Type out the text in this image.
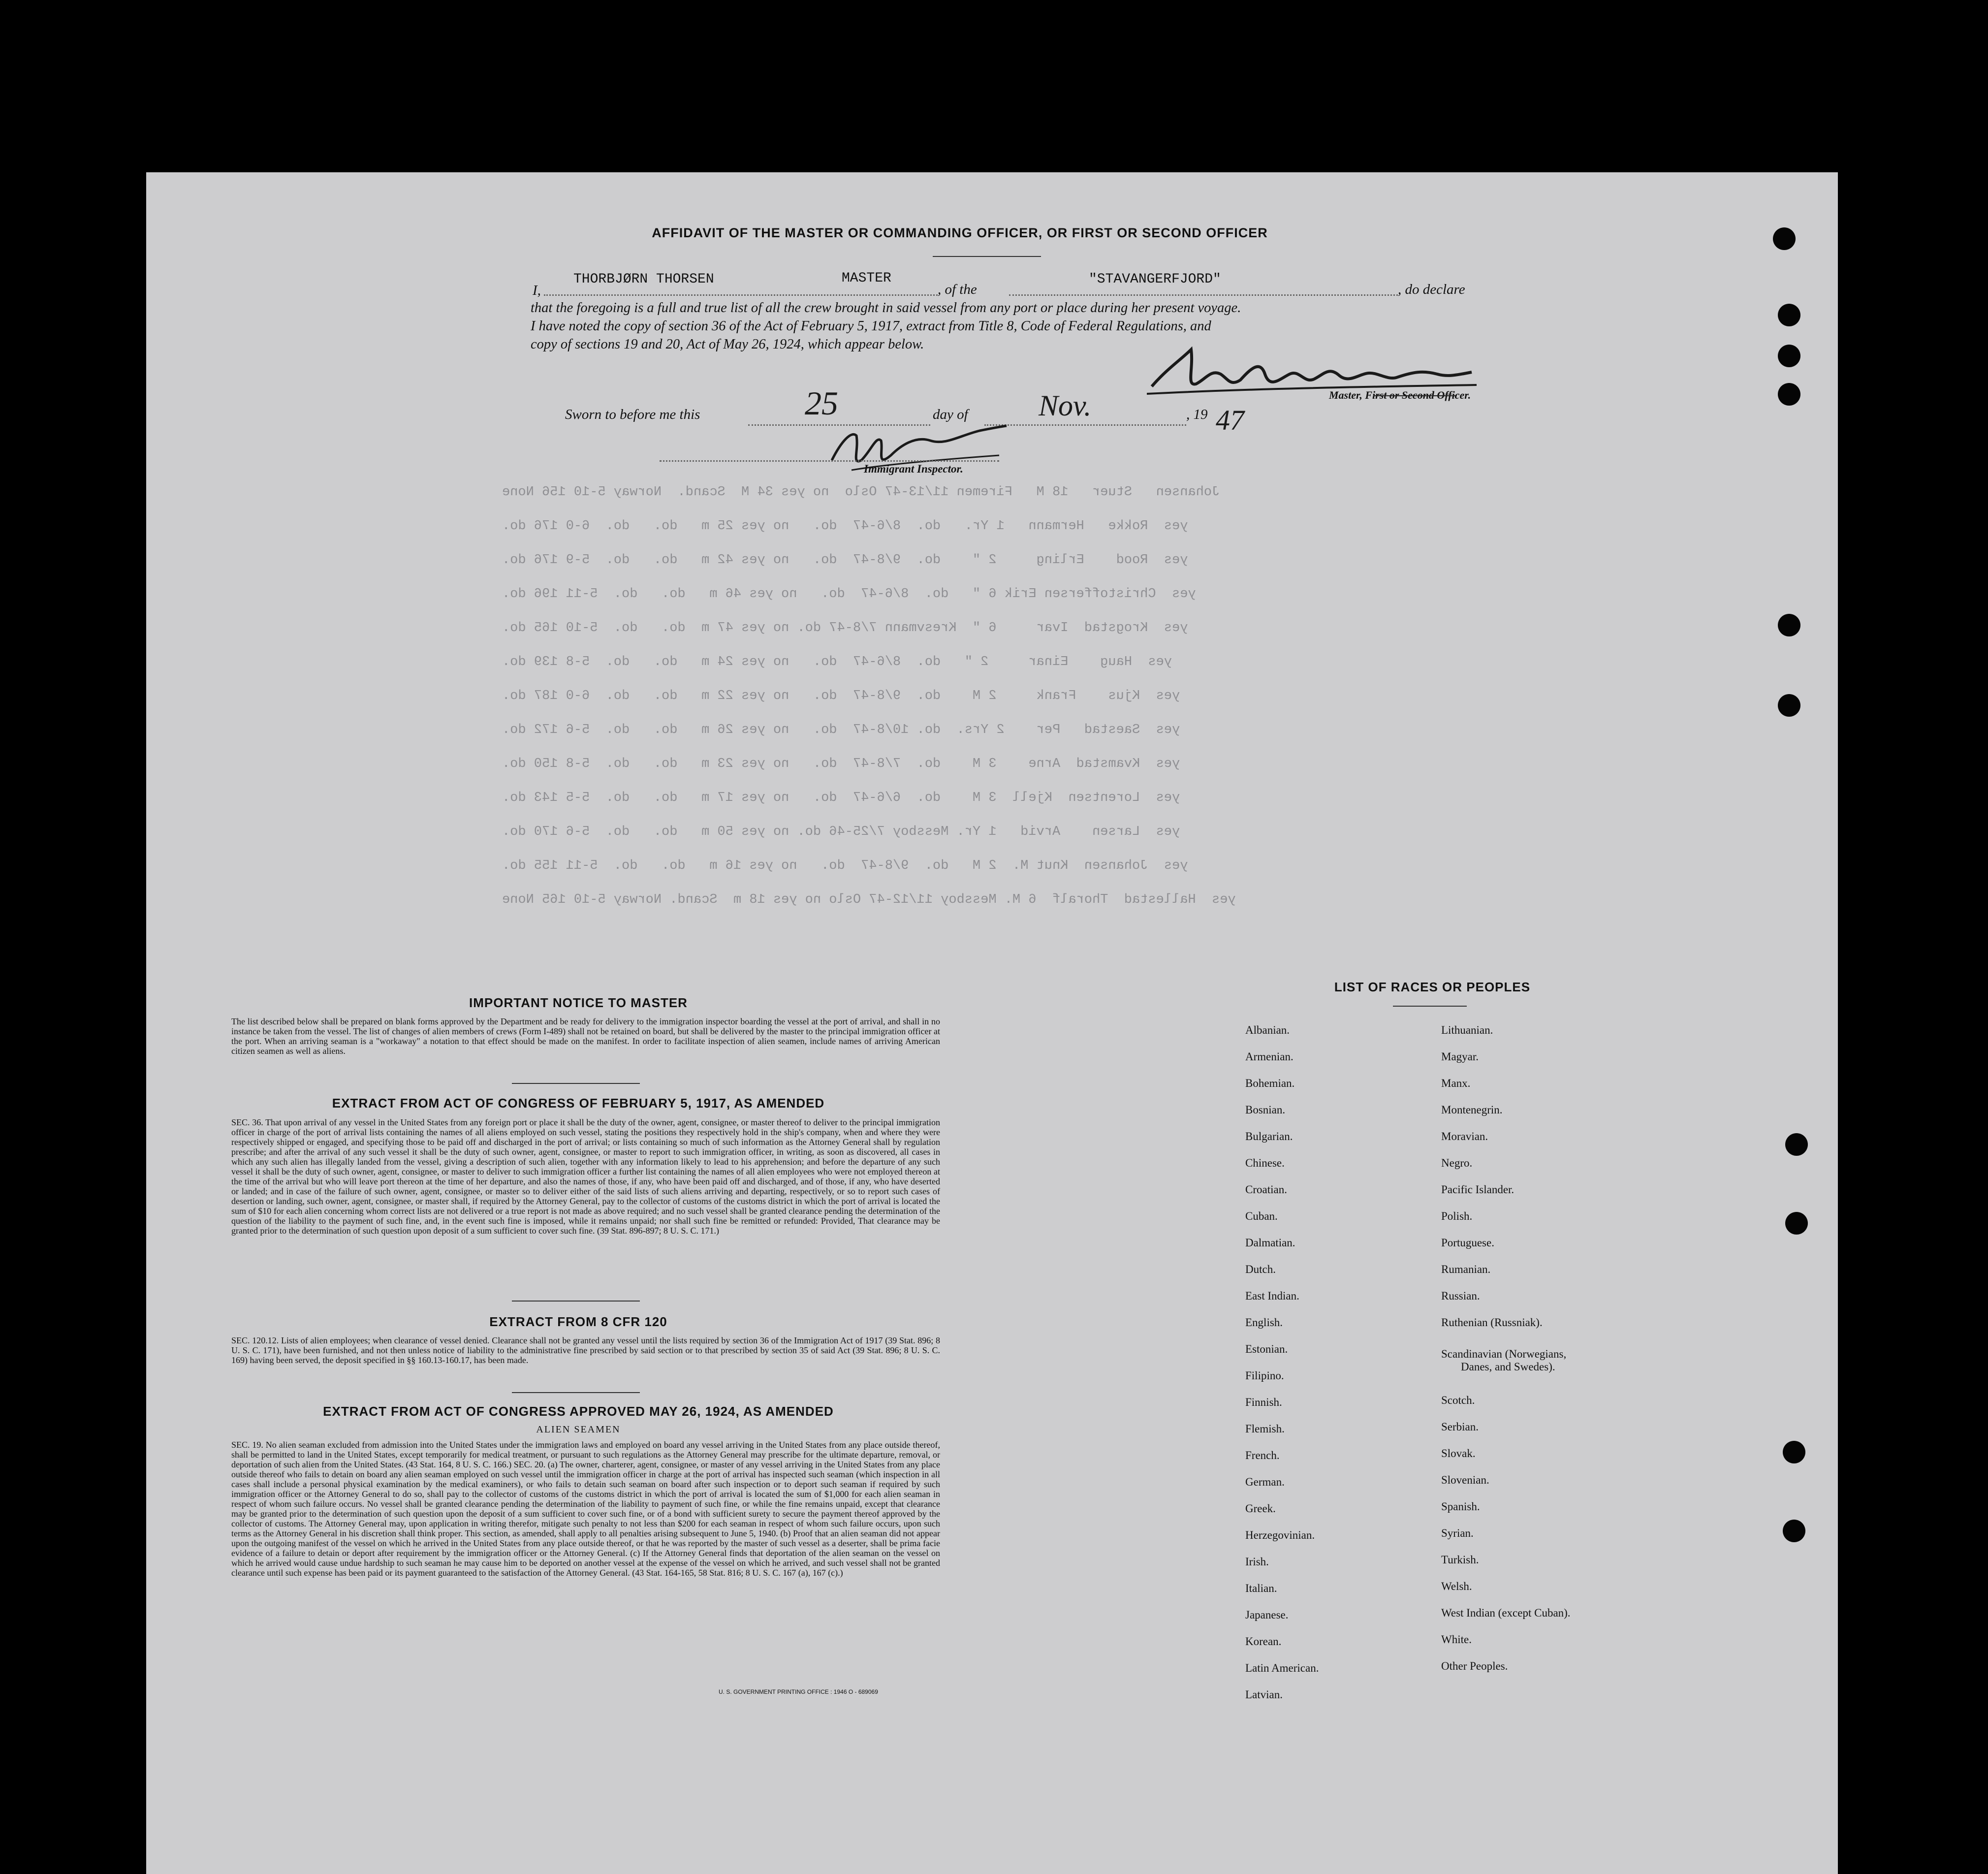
Johansen   Stuer   18 M   Firemen 11/13-47 Oslo  no yes 34 M  Scand.  Norway 5-10 156 None
yes  Rokke   Hermann   1 Yr.   do.  8/6-47  do.   no yes 25 m   do.   do.  6-0 176 do.
yes  Rood    Erling     2 "    do.  9/8-47  do.   no yes 42 m   do.   do.  5-9 176 do.
yes  Christoffersen Erik 6 "   do.  8/6-47  do.   no yes 46 m   do.   do.  5-11 196 do.
yes  Krogstad  Ivar     6 "  Kresvmann 7/8-47 do. no yes 47 m  do.   do.  5-10 165 do.
yes  Haug    Einar     2 "   do.  8/6-47  do.   no yes 24 m   do.   do.  5-8 139 do.
yes  Kjus    Frank     2 M    do.  9/8-47  do.   no yes 22 m   do.   do.  6-0 187 do.
yes  Saestad   Per    2 Yrs.  do. 10/8-47  do.   no yes 26 m   do.   do.  5-6 172 do.
yes  Kvamstad  Arne    3 M    do.  7/8-47  do.   no yes 23 m   do.   do.  5-8 150 do.
yes  Lorentsen  Kjell  3 M    do.  6/6-47  do.   no yes 17 m   do.   do.  5-5 143 do.
yes  Larsen    Arvid   1 Yr. Messboy 7/25-46 do. no yes 50 m   do.   do.  5-6 170 do.
yes  Johansen  Knut M.  2 M   do.  9/8-47  do.   no yes 16 m   do.   do.  5-11 155 do.
yes  Hallestad  Thoralf  6 M. Messboy 11/12-47 Oslo no yes 18 m  Scand. Norway 5-10 165 None
AFFIDAVIT OF THE MASTER OR COMMANDING OFFICER, OR FIRST OR SECOND OFFICER
I,
THORBJØRN THORSEN	MASTER
, of the
"STAVANGERFJORD"
, do declare
that the foregoing is a full and true list of all the crew brought in said vessel from any port or place during her present voyage.
I have noted the copy of section 36 of the Act of February 5, 1917, extract from Title 8, Code of Federal Regulations, and
copy of sections 19 and 20, Act of May 26, 1924, which appear below.
Master, First or Second Officer.
Sworn to before me this	25	day of Nov.	, 19 47
Immigrant Inspector.
IMPORTANT NOTICE TO MASTER
The list described below shall be prepared on blank forms approved by the Department and be ready for delivery to the immigration inspector boarding the vessel at the port of arrival, and shall in no instance be taken from the vessel. The list of changes of alien members of crews (Form I-489) shall not be retained on board, but shall be delivered by the master to the principal immigration officer at the port. When an arriving seaman is a "workaway" a notation to that effect should be made on the manifest. In order to facilitate inspection of alien seamen, include names of arriving American citizen seamen as well as aliens.
EXTRACT FROM ACT OF CONGRESS OF FEBRUARY 5, 1917, AS AMENDED
SEC. 36. That upon arrival of any vessel in the United States from any foreign port or place it shall be the duty of the owner, agent, consignee, or master thereof to deliver to the principal immigration officer in charge of the port of arrival lists containing the names of all aliens employed on such vessel, stating the positions they respectively hold in the ship's company, when and where they were respectively shipped or engaged, and specifying those to be paid off and discharged in the port of arrival; or lists containing so much of such information as the Attorney General shall by regulation prescribe; and after the arrival of any such vessel it shall be the duty of such owner, agent, consignee, or master to report to such immigration officer, in writing, as soon as discovered, all cases in which any such alien has illegally landed from the vessel, giving a description of such alien, together with any information likely to lead to his apprehension; and before the departure of any such vessel it shall be the duty of such owner, agent, consignee, or master to deliver to such immigration officer a further list containing the names of all alien employees who were not employed thereon at the time of the arrival but who will leave port thereon at the time of her departure, and also the names of those, if any, who have been paid off and discharged, and of those, if any, who have deserted or landed; and in case of the failure of such owner, agent, consignee, or master so to deliver either of the said lists of such aliens arriving and departing, respectively, or so to report such cases of desertion or landing, such owner, agent, consignee, or master shall, if required by the Attorney General, pay to the collector of customs of the customs district in which the port of arrival is located the sum of $10 for each alien concerning whom correct lists are not delivered or a true report is not made as above required; and no such vessel shall be granted clearance pending the determination of the question of the liability to the payment of such fine, and, in the event such fine is imposed, while it remains unpaid; nor shall such fine be remitted or refunded: Provided, That clearance may be granted prior to the determination of such question upon deposit of a sum sufficient to cover such fine. (39 Stat. 896-897; 8 U. S. C. 171.)
EXTRACT FROM 8 CFR 120
SEC. 120.12. Lists of alien employees; when clearance of vessel denied. Clearance shall not be granted any vessel until the lists required by section 36 of the Immigration Act of 1917 (39 Stat. 896; 8 U. S. C. 171), have been furnished, and not then unless notice of liability to the administrative fine prescribed by said section or to that prescribed by section 35 of said Act (39 Stat. 896; 8 U. S. C. 169) having been served, the deposit specified in §§ 160.13-160.17, has been made.
EXTRACT FROM ACT OF CONGRESS APPROVED MAY 26, 1924, AS AMENDED
ALIEN SEAMEN
SEC. 19. No alien seaman excluded from admission into the United States under the immigration laws and employed on board any vessel arriving in the United States from any place outside thereof, shall be permitted to land in the United States, except temporarily for medical treatment, or pursuant to such regulations as the Attorney General may prescribe for the ultimate departure, removal, or deportation of such alien from the United States. (43 Stat. 164, 8 U. S. C. 166.) SEC. 20. (a) The owner, charterer, agent, consignee, or master of any vessel arriving in the United States from any place outside thereof who fails to detain on board any alien seaman employed on such vessel until the immigration officer in charge at the port of arrival has inspected such seaman (which inspection in all cases shall include a personal physical examination by the medical examiners), or who fails to detain such seaman on board after such inspection or to deport such seaman if required by such immigration officer or the Attorney General to do so, shall pay to the collector of customs of the customs district in which the port of arrival is located the sum of $1,000 for each alien seaman in respect of whom such failure occurs. No vessel shall be granted clearance pending the determination of the liability to payment of such fine, or while the fine remains unpaid, except that clearance may be granted prior to the determination of such question upon the deposit of a sum sufficient to cover such fine, or of a bond with sufficient surety to secure the payment thereof approved by the collector of customs. The Attorney General may, upon application in writing therefor, mitigate such penalty to not less than $200 for each seaman in respect of whom such failure occurs, upon such terms as the Attorney General in his discretion shall think proper. This section, as amended, shall apply to all penalties arising subsequent to June 5, 1940. (b) Proof that an alien seaman did not appear upon the outgoing manifest of the vessel on which he arrived in the United States from any place outside thereof, or that he was reported by the master of such vessel as a deserter, shall be prima facie evidence of a failure to detain or deport after requirement by the immigration officer or the Attorney General. (c) If the Attorney General finds that deportation of the alien seaman on the vessel on which he arrived would cause undue hardship to such seaman he may cause him to be deported on another vessel at the expense of the vessel on which he arrived, and such vessel shall not be granted clearance until such expense has been paid or its payment guaranteed to the satisfaction of the Attorney General. (43 Stat. 164-165, 58 Stat. 816; 8 U. S. C. 167 (a), 167 (c).)
U. S. GOVERNMENT PRINTING OFFICE : 1946 O - 689069
LIST OF RACES OR PEOPLES
Albanian.
Armenian.
Bohemian.
Bosnian.
Bulgarian.
Chinese.
Croatian.
Cuban.
Dalmatian.
Dutch.
East Indian.
English.
Estonian.
Filipino.
Finnish.
Flemish.
French.
German.
Greek.
Herzegovinian.
Irish.
Italian.
Japanese.
Korean.
Latin American.
Latvian.
Lithuanian.
Magyar.
Manx.
Montenegrin.
Moravian.
Negro.
Pacific Islander.
Polish.
Portuguese.
Rumanian.
Russian.
Ruthenian (Russniak).
Scandinavian (Norwegians,
Danes, and Swedes).
Scotch.
Serbian.
Slovak.
Slovenian.
Spanish.
Syrian.
Turkish.
Welsh.
West Indian (except Cuban).
White.
Other Peoples.
